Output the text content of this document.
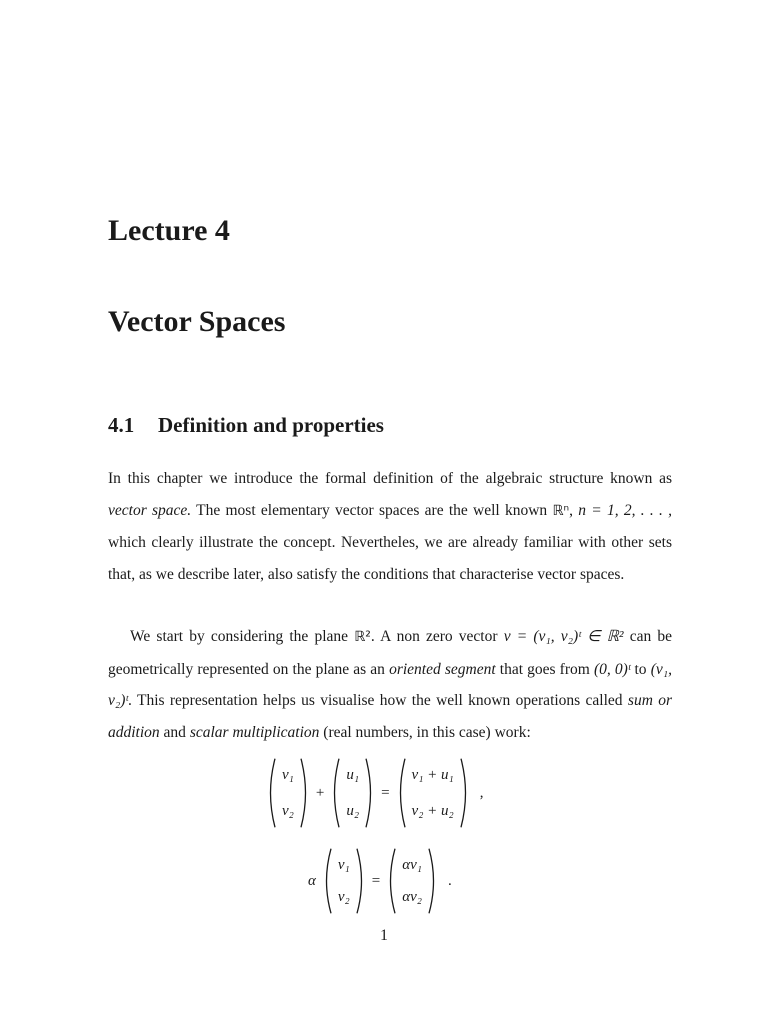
Lecture 4
Vector Spaces
4.1 Definition and properties

In this chapter we introduce the formal definition of the algebraic structure known as vector space. The most elementary vector spaces are the well known ℝⁿ, n = 1, 2, . . . , which clearly illustrate the concept. Nevertheles, we are already familiar with other sets that, as we describe later, also satisfy the conditions that characterise vector spaces.

We start by considering the plane ℝ². A non zero vector v = (v₁, v₂)ᵗ ∈ ℝ² can be geometrically represented on the plane as an oriented segment that goes from (0, 0)ᵗ to (v₁, v₂)ᵗ. This representation helps us visualise how the well known operations called sum or addition and scalar multiplication (real numbers, in this case) work:

v₁
v₂
+
u₁
u₂
=
v₁ + u₁
v₂ + u₂
,
α
v₁
v₂
=
αv₁
αv₂
.

1
